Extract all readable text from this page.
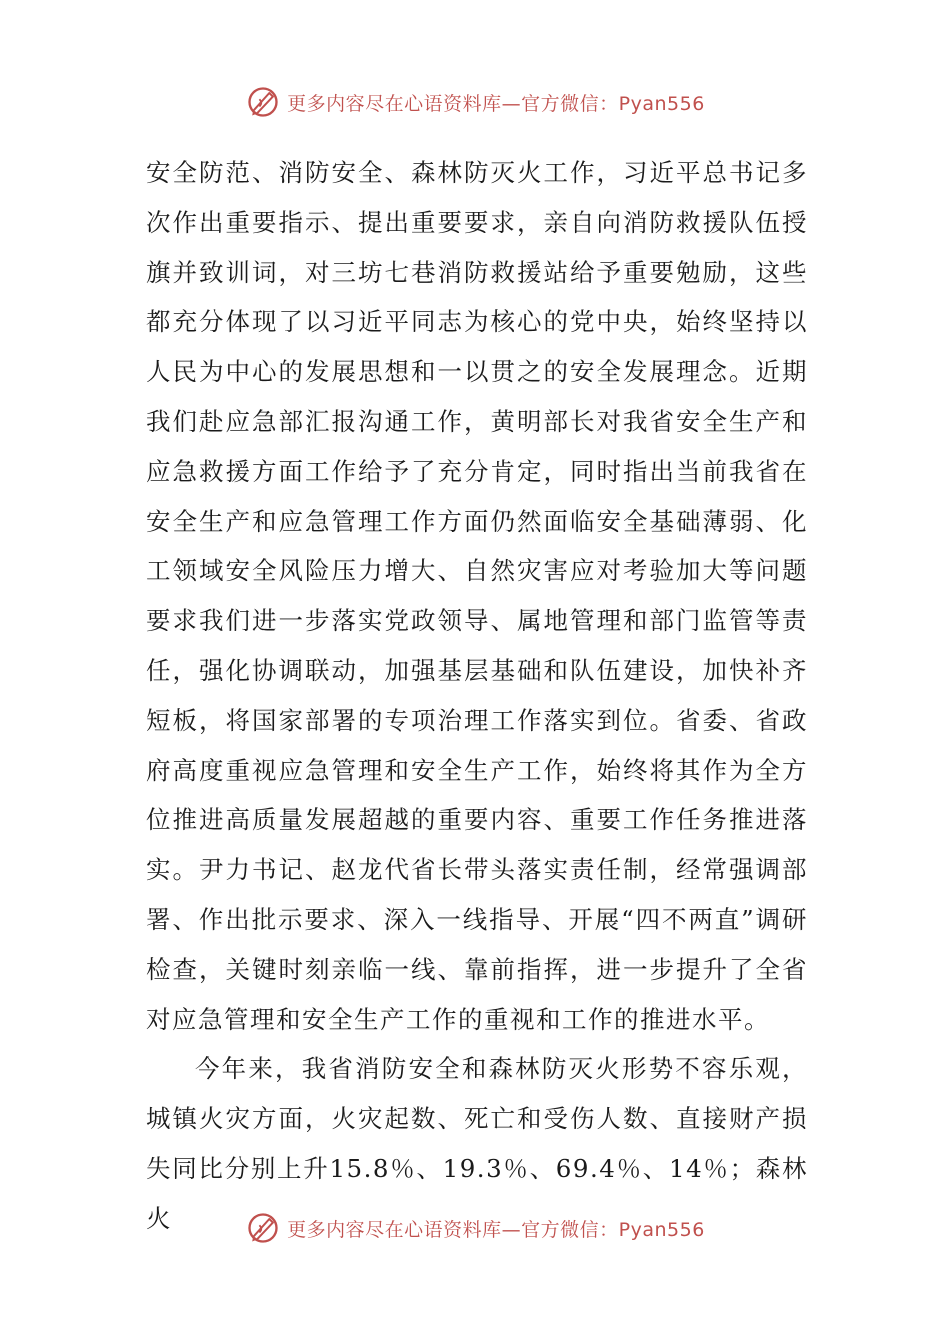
更多内容尽在心语资料库—官方微信：Pyan556

安全防范、消防安全、森林防灭火工作，习近平总书记多次作出重要指示、提出重要要求，亲自向消防救援队伍授旗并致训词，对三坊七巷消防救援站给予重要勉励，这些都充分体现了以习近平同志为核心的党中央，始终坚持以人民为中心的发展思想和一以贯之的安全发展理念。近期我们赴应急部汇报沟通工作，黄明部长对我省安全生产和应急救援方面工作给予了充分肯定，同时指出当前我省在安全生产和应急管理工作方面仍然面临安全基础薄弱、化工领域安全风险压力增大、自然灾害应对考验加大等问题要求我们进一步落实党政领导、属地管理和部门监管等责任，强化协调联动，加强基层基础和队伍建设，加快补齐短板，将国家部署的专项治理工作落实到位。省委、省政府高度重视应急管理和安全生产工作，始终将其作为全方位推进高质量发展超越的重要内容、重要工作任务推进落实。尹力书记、赵龙代省长带头落实责任制，经常强调部署、作出批示要求、深入一线指导、开展“四不两直”调研检查，关键时刻亲临一线、靠前指挥，进一步提升了全省对应急管理和安全生产工作的重视和工作的推进水平。

今年来，我省消防安全和森林防灭火形势不容乐观，城镇火灾方面，火灾起数、死亡和受伤人数、直接财产损失同比分别上升15.8％、19.3％、69.4％、14％；森林火	更多内容尽在心语资料库—官方微信：Pyan556
